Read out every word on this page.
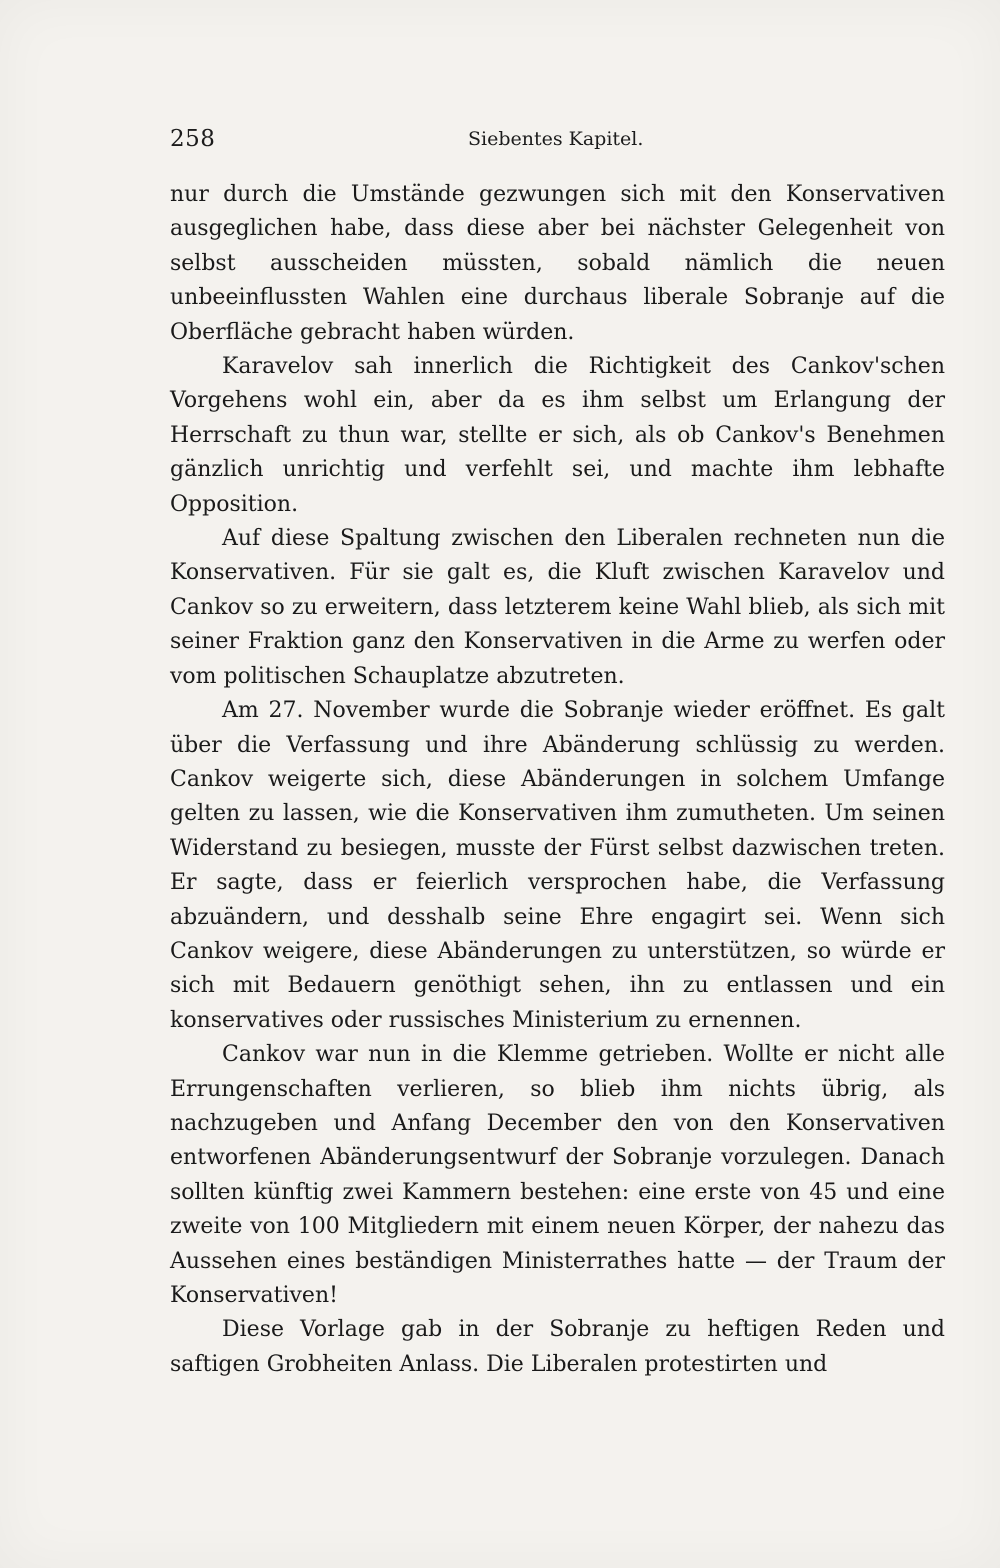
258	Siebentes Kapitel.

nur durch die Umstände gezwungen sich mit den Konservativen ausgeglichen habe, dass diese aber bei nächster Gelegenheit von selbst ausscheiden müssten, sobald nämlich die neuen unbeeinflussten Wahlen eine durchaus liberale Sobranje auf die Oberfläche gebracht haben würden.

Karavelov sah innerlich die Richtigkeit des Cankov'schen Vorgehens wohl ein, aber da es ihm selbst um Erlangung der Herrschaft zu thun war, stellte er sich, als ob Cankov's Benehmen gänzlich unrichtig und verfehlt sei, und machte ihm lebhafte Opposition.

Auf diese Spaltung zwischen den Liberalen rechneten nun die Konservativen. Für sie galt es, die Kluft zwischen Karavelov und Cankov so zu erweitern, dass letzterem keine Wahl blieb, als sich mit seiner Fraktion ganz den Konservativen in die Arme zu werfen oder vom politischen Schauplatze abzutreten.

Am 27. November wurde die Sobranje wieder eröffnet. Es galt über die Verfassung und ihre Abänderung schlüssig zu werden. Cankov weigerte sich, diese Abänderungen in solchem Umfange gelten zu lassen, wie die Konservativen ihm zumutheten. Um seinen Widerstand zu besiegen, musste der Fürst selbst dazwischen treten. Er sagte, dass er feierlich versprochen habe, die Verfassung abzuändern, und desshalb seine Ehre engagirt sei. Wenn sich Cankov weigere, diese Abänderungen zu unterstützen, so würde er sich mit Bedauern genöthigt sehen, ihn zu entlassen und ein konservatives oder russisches Ministerium zu ernennen.

Cankov war nun in die Klemme getrieben. Wollte er nicht alle Errungenschaften verlieren, so blieb ihm nichts übrig, als nachzugeben und Anfang December den von den Konservativen entworfenen Abänderungsentwurf der Sobranje vorzulegen. Danach sollten künftig zwei Kammern bestehen: eine erste von 45 und eine zweite von 100 Mitgliedern mit einem neuen Körper, der nahezu das Aussehen eines beständigen Ministerrathes hatte — der Traum der Konservativen!

Diese Vorlage gab in der Sobranje zu heftigen Reden und saftigen Grobheiten Anlass. Die Liberalen protestirten und
